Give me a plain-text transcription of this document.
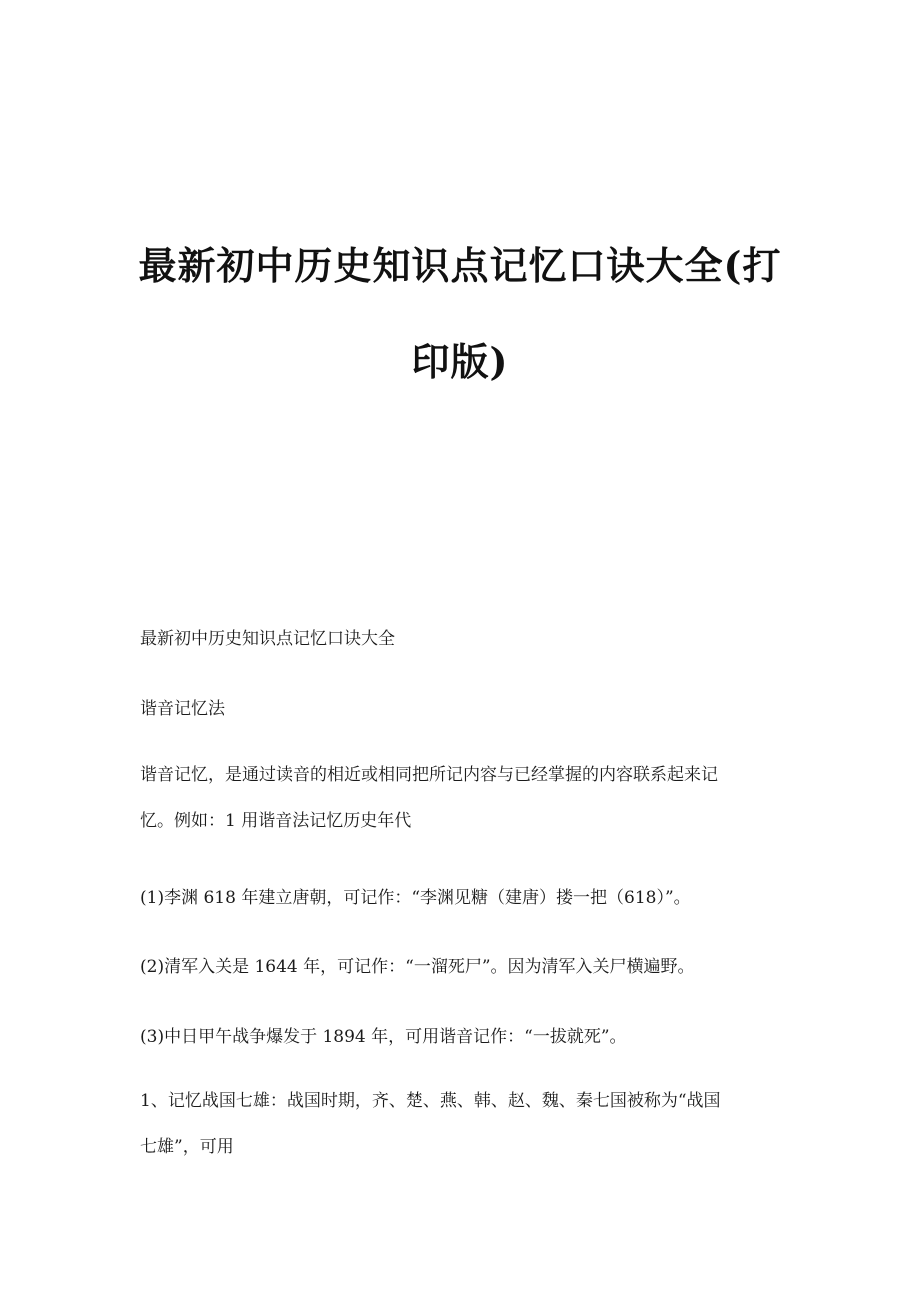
最新初中历史知识点记忆口诀大全(打
印版)
最新初中历史知识点记忆口诀大全
谐音记忆法
谐音记忆，是通过读音的相近或相同把所记内容与已经掌握的内容联系起来记
忆。例如：1 用谐音法记忆历史年代
(1)李渊 618 年建立唐朝，可记作：“李渊见糖（建唐）搂一把（618）”。
(2)清军入关是 1644 年，可记作：“一溜死尸”。因为清军入关尸横遍野。
(3)中日甲午战争爆发于 1894 年，可用谐音记作：“一拔就死”。
1、记忆战国七雄：战国时期，齐、楚、燕、韩、赵、魏、秦七国被称为“战国
七雄”，可用
